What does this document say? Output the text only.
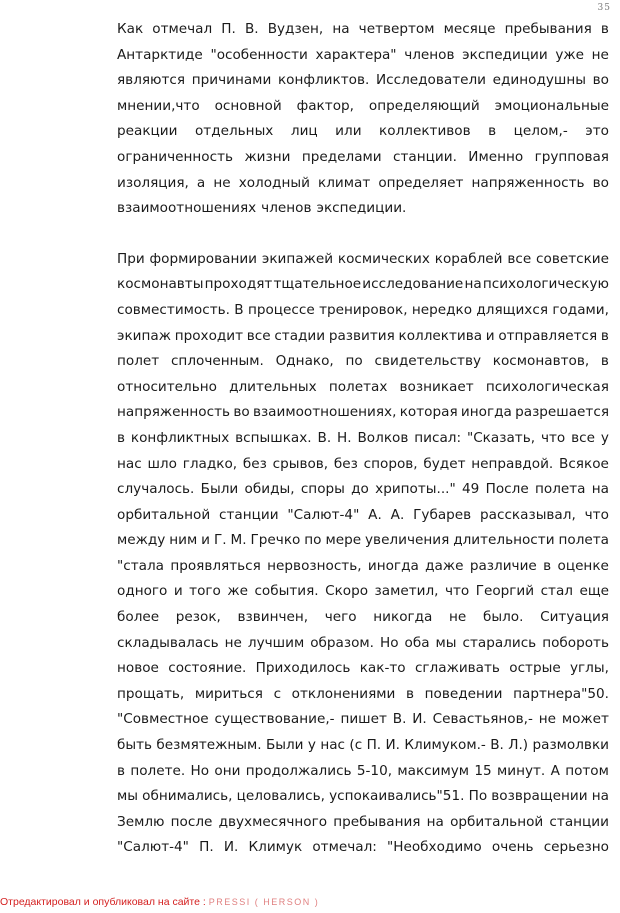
35
Как отмечал П. В. Вудзен, на четвертом месяце пребывания в
Антарктиде "особенности характера" членов экспедиции уже не
являются причинами конфликтов. Исследователи единодушны во
мнении,что основной фактор, определяющий эмоциональные
реакции отдельных лиц или коллективов в целом,- это
ограниченность жизни пределами станции. Именно групповая
изоляция, а не холодный климат определяет напряженность во
взаимоотношениях членов экспедиции.
При формировании экипажей космических кораблей все советские
космонавты проходят тщательное исследование на психологическую
совместимость. В процессе тренировок, нередко длящихся годами,
экипаж проходит все стадии развития коллектива и отправляется в
полет сплоченным. Однако, по свидетельству космонавтов, в
относительно длительных полетах возникает психологическая
напряженность во взаимоотношениях, которая иногда разрешается
в конфликтных вспышках. В. Н. Волков писал: "Сказать, что все у
нас шло гладко, без срывов, без споров, будет неправдой. Всякое
случалось. Были обиды, споры до хрипоты..." 49 После полета на
орбитальной станции "Салют-4" А. А. Губарев рассказывал, что
между ним и Г. М. Гречко по мере увеличения длительности полета
"стала проявляться нервозность, иногда даже различие в оценке
одного и того же события. Скоро заметил, что Георгий стал еще
более резок, взвинчен, чего никогда не было. Ситуация
складывалась не лучшим образом. Но оба мы старались побороть
новое состояние. Приходилось как-то сглаживать острые углы,
прощать, мириться с отклонениями в поведении партнера"50.
"Совместное существование,- пишет В. И. Севастьянов,- не может
быть безмятежным. Были у нас (с П. И. Климуком.- В. Л.) размолвки
в полете. Но они продолжались 5-10, максимум 15 минут. А потом
мы обнимались, целовались, успокаивались"51. По возвращении на
Землю после двухмесячного пребывания на орбитальной станции
"Салют-4" П. И. Климук отмечал: "Необходимо очень серьезно
Отредактировал и опубликовал на сайте : PRESSI ( HERSON )
